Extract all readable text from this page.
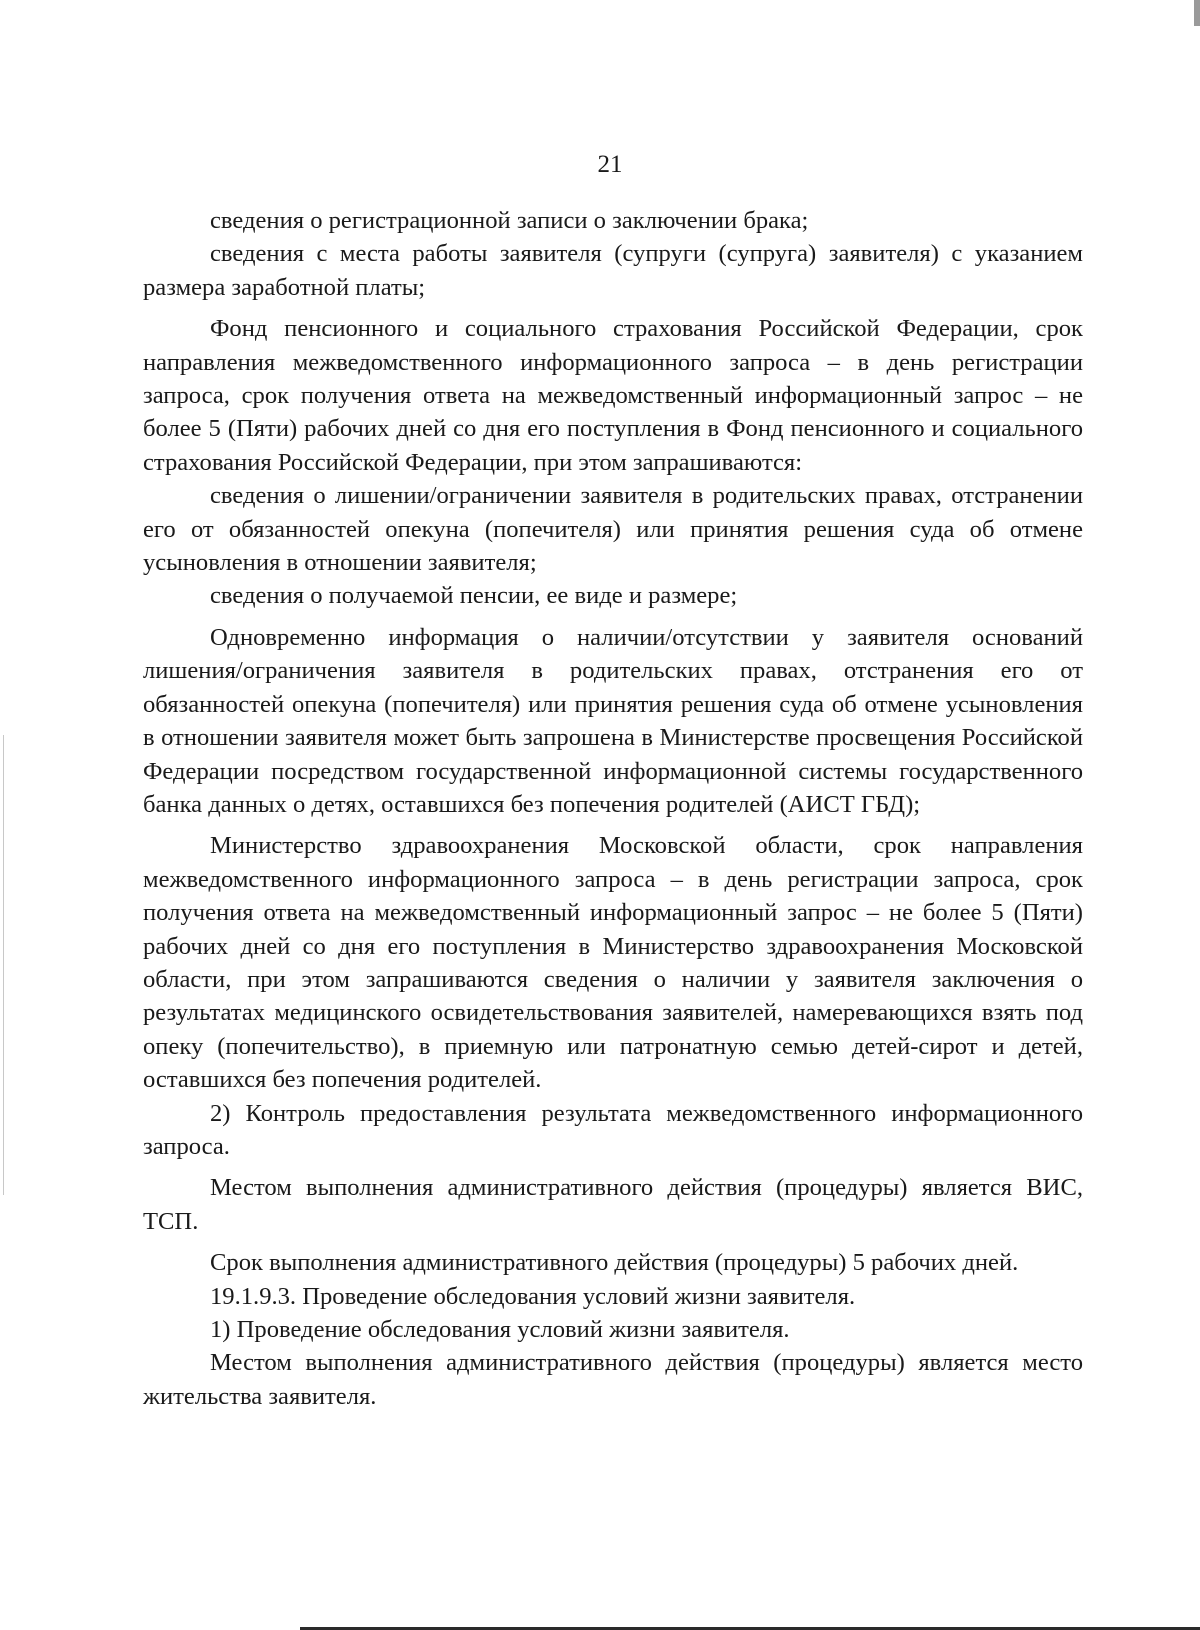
21

сведения о регистрационной записи о заключении брака;

сведения с места работы заявителя (супруги (супруга) заявителя) с указанием размера заработной платы;

Фонд пенсионного и социального страхования Российской Федерации, срок направления межведомственного информационного запроса – в день регистрации запроса, срок получения ответа на межведомственный информационный запрос – не более 5 (Пяти) рабочих дней со дня его поступления в Фонд пенсионного и социального страхования Российской Федерации, при этом запрашиваются:

сведения о лишении/ограничении заявителя в родительских правах, отстранении его от обязанностей опекуна (попечителя) или принятия решения суда об отмене усыновления в отношении заявителя;

сведения о получаемой пенсии, ее виде и размере;

Одновременно информация о наличии/отсутствии у заявителя оснований лишения/ограничения заявителя в родительских правах, отстранения его от обязанностей опекуна (попечителя) или принятия решения суда об отмене усыновления в отношении заявителя может быть запрошена в Министерстве просвещения Российской Федерации посредством государственной информационной системы государственного банка данных о детях, оставшихся без попечения родителей (АИСТ ГБД);

Министерство здравоохранения Московской области, срок направления межведомственного информационного запроса – в день регистрации запроса, срок получения ответа на межведомственный информационный запрос – не более 5 (Пяти) рабочих дней со дня его поступления в Министерство здравоохранения Московской области, при этом запрашиваются сведения о наличии у заявителя заключения о результатах медицинского освидетельствования заявителей, намеревающихся взять под опеку (попечительство), в приемную или патронатную семью детей-сирот и детей, оставшихся без попечения родителей.

2) Контроль предоставления результата межведомственного информационного запроса.

Местом выполнения административного действия (процедуры) является ВИС, ТСП.

Срок выполнения административного действия (процедуры) 5 рабочих дней.

19.1.9.3. Проведение обследования условий жизни заявителя.

1) Проведение обследования условий жизни заявителя.

Местом выполнения административного действия (процедуры) является место жительства заявителя.
